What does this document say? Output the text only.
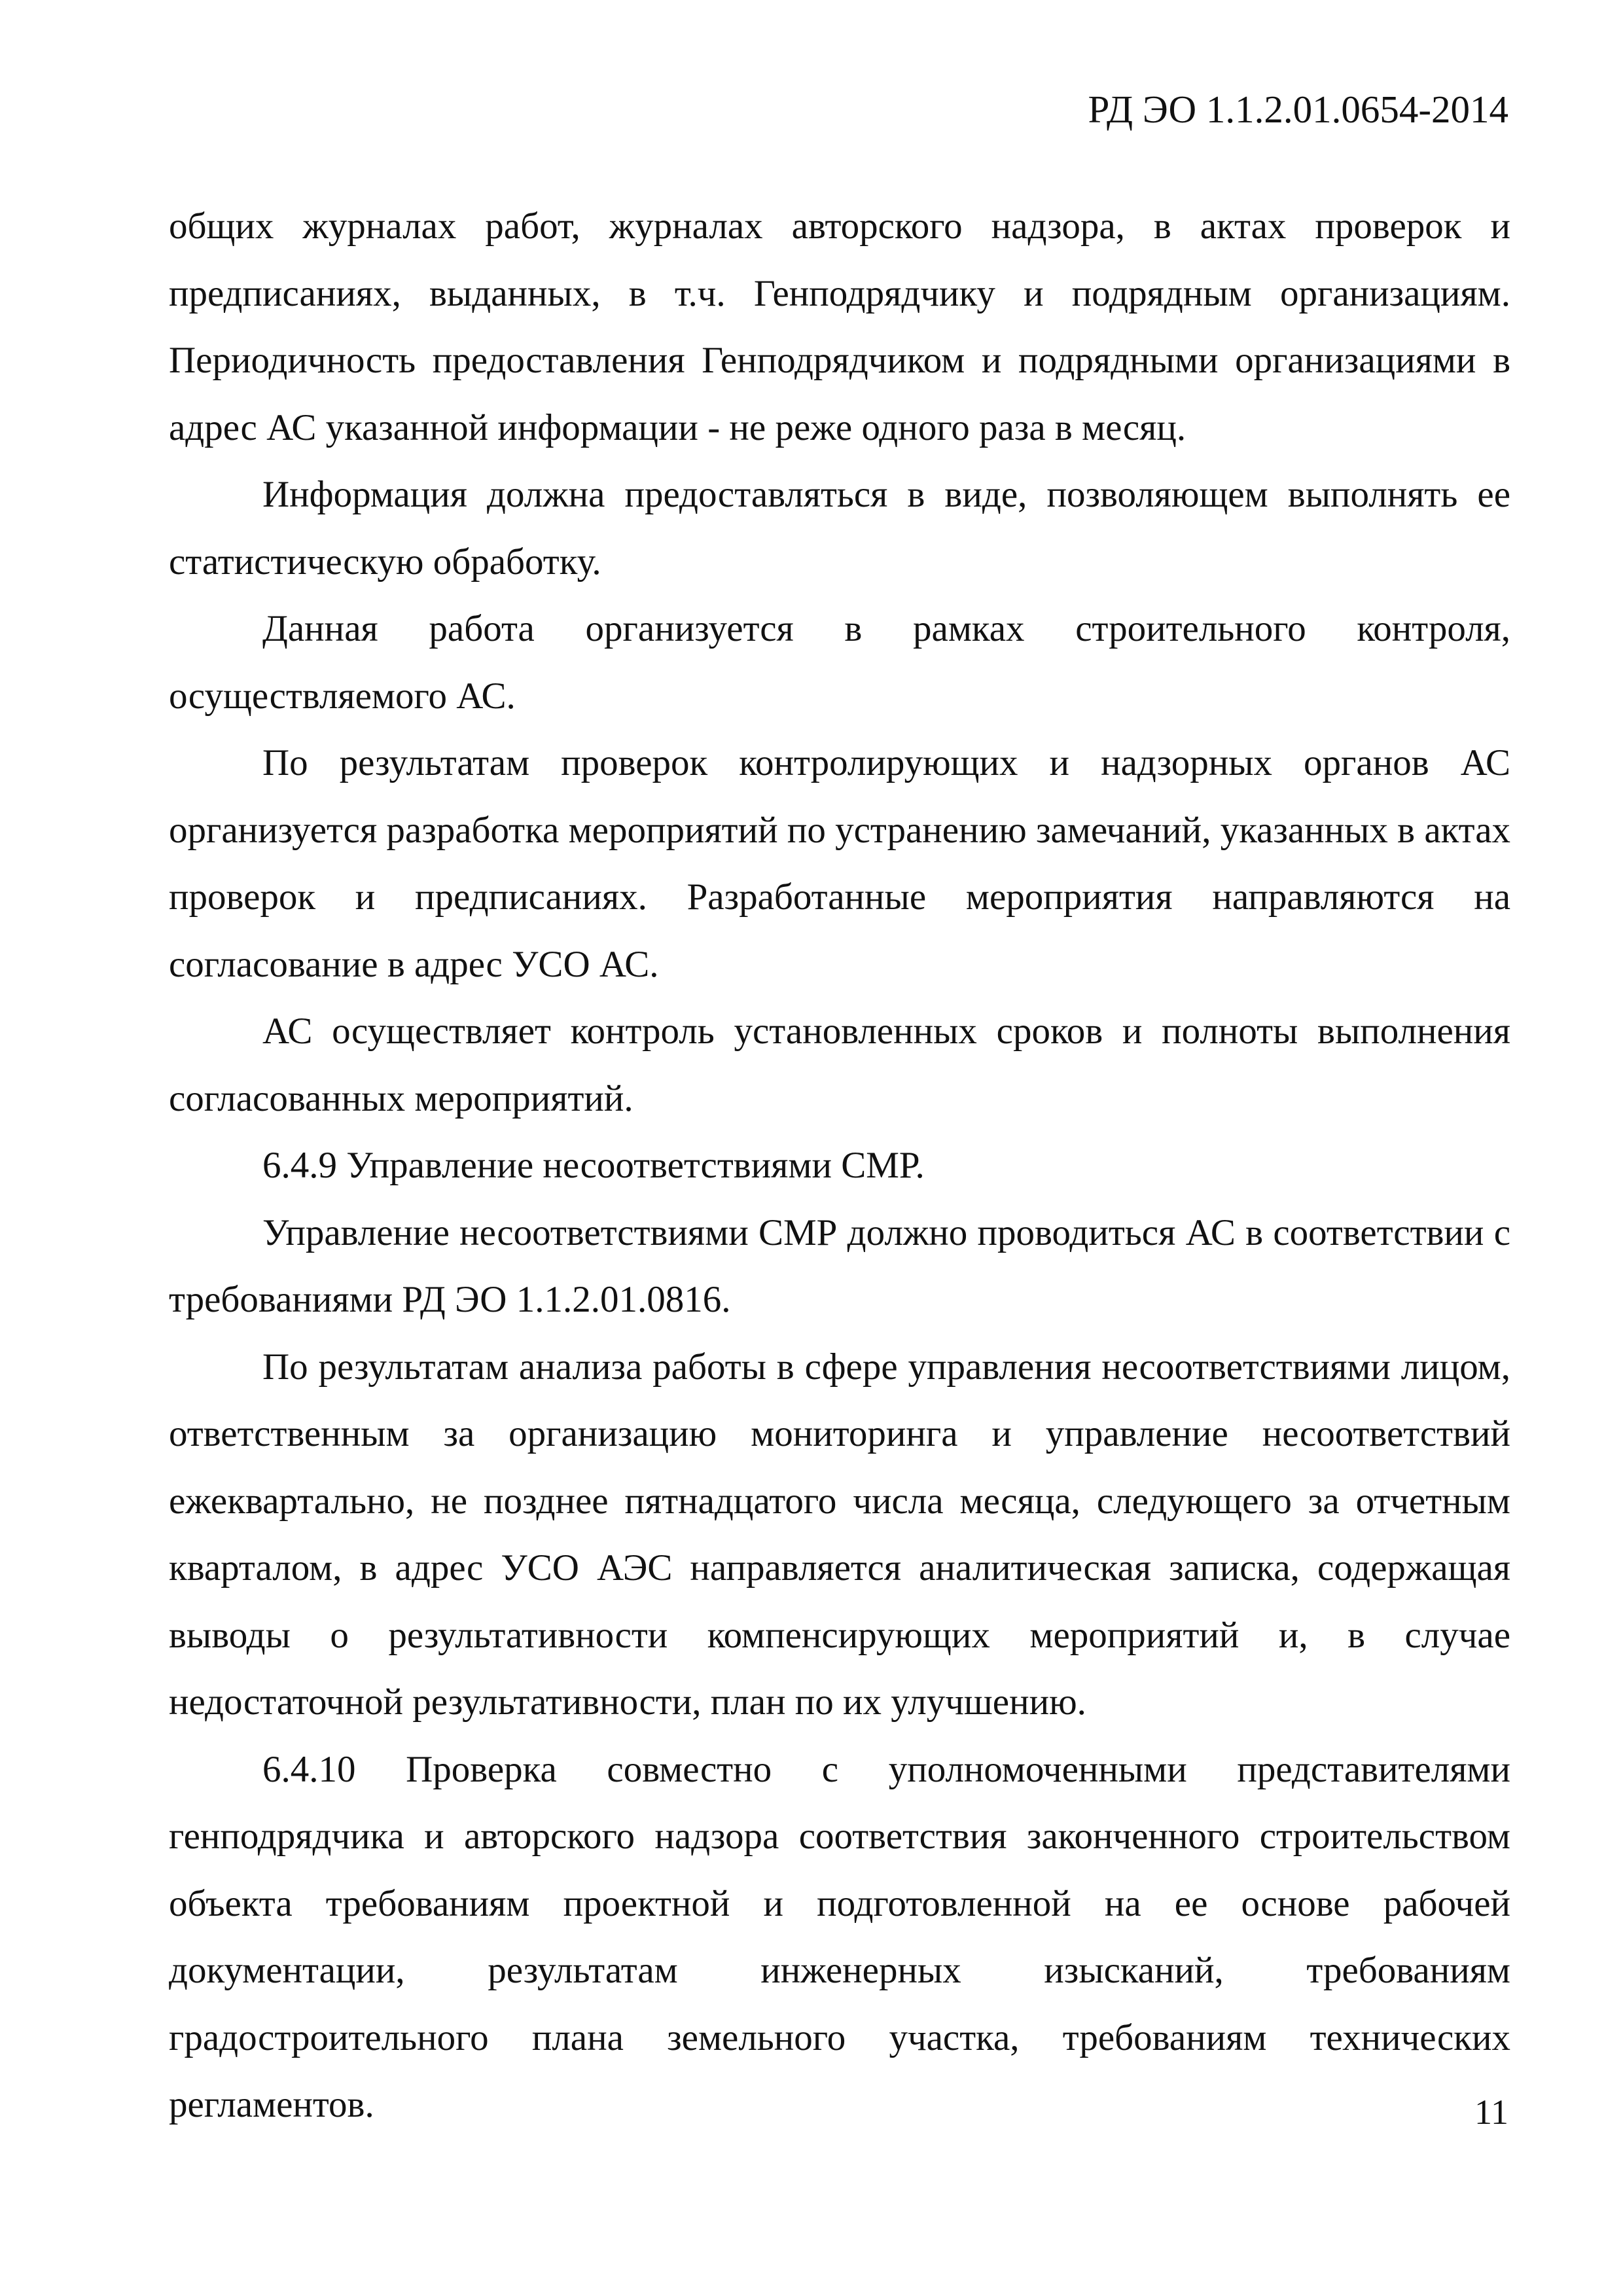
РД ЭО 1.1.2.01.0654-2014

общих журналах работ, журналах авторского надзора, в актах проверок и предписаниях, выданных, в т.ч. Генподрядчику и подрядным организациям. Периодичность предоставления Генподрядчиком и подрядными организациями в адрес АС указанной информации - не реже одного раза в месяц.

Информация должна предоставляться в виде, позволяющем выполнять ее статистическую обработку.

Данная работа организуется в рамках строительного контроля, осуществляемого АС.

По результатам проверок контролирующих и надзорных органов АС организуется разработка мероприятий по устранению замечаний, указанных в актах проверок и предписаниях. Разработанные мероприятия направляются на согласование в адрес УСО АС.

АС осуществляет контроль установленных сроков и полноты выполнения согласованных мероприятий.

6.4.9 Управление несоответствиями СМР.

Управление несоответствиями СМР должно проводиться АС в соответствии с требованиями РД ЭО 1.1.2.01.0816.

По результатам анализа работы в сфере управления несоответствиями лицом, ответственным за организацию мониторинга и управление несоответствий ежеквартально, не позднее пятнадцатого числа месяца, следующего за отчетным кварталом, в адрес УСО АЭС направляется аналитическая записка, содержащая выводы о результативности компенсирующих мероприятий и, в случае недостаточной результативности, план по их улучшению.

6.4.10 Проверка совместно с уполномоченными представителями генподрядчика и авторского надзора соответствия законченного строительством объекта требованиям проектной и подготовленной на ее основе рабочей документации, результатам инженерных изысканий, требованиям градостроительного плана земельного участка, требованиям технических регламентов.	11
